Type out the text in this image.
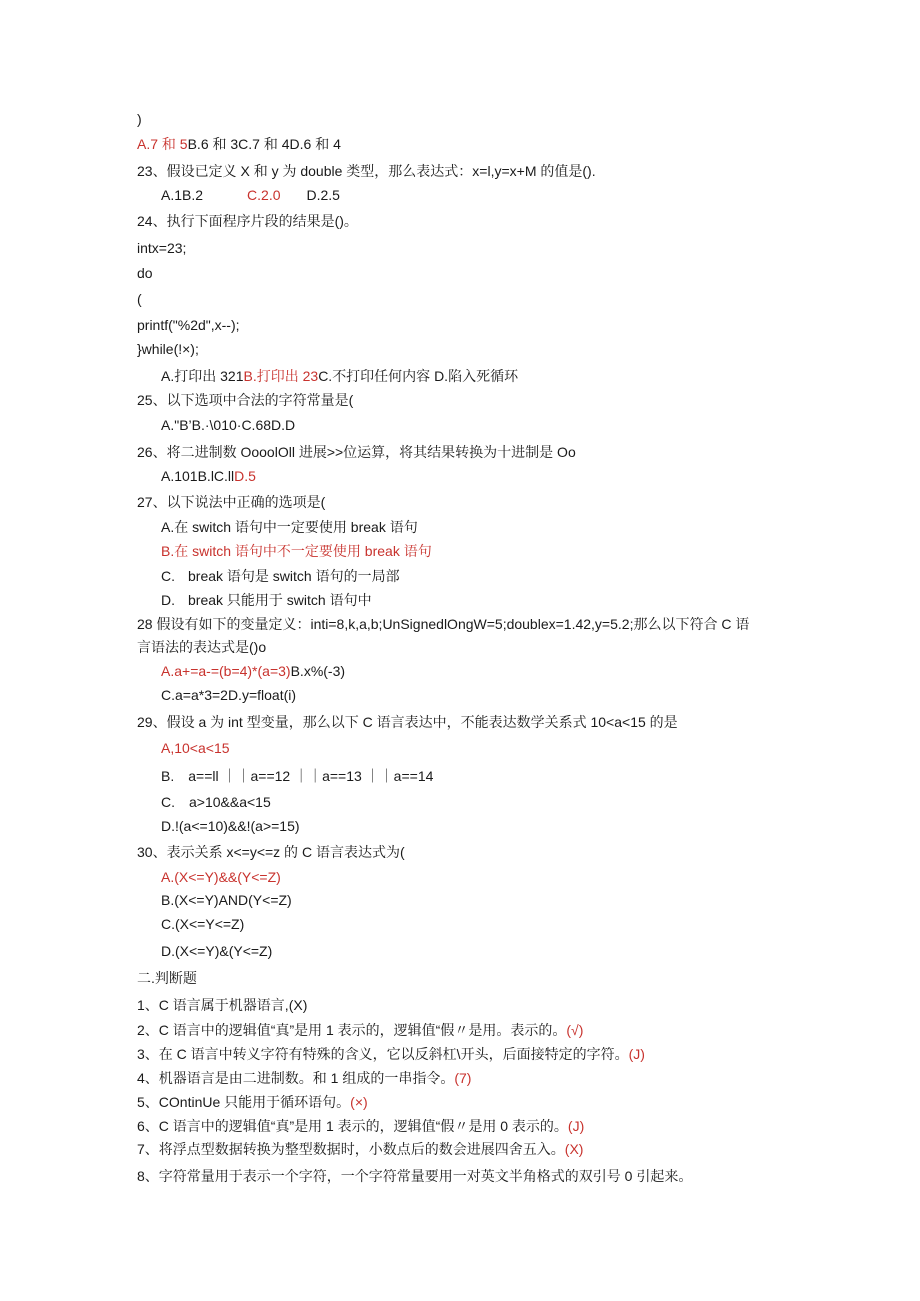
)
A.7 和 5B.6 和 3C.7 和 4D.6 和 4
23、假设已定义 X 和 y 为 double 类型，那么表达式：x=l,y=x+M 的值是().
A.1B.2	C.2.0 D.2.5
24、执行下面程序片段的结果是()。
intx=23;
do
(
printf("%2d",x--);
}while(!×);
A.打印出 321B.打印出 23C.不打印任何内容 D.陷入死循环
25、以下选项中合法的字符常量是(
A."B’B.·\010·C.68D.D
26、将二进制数 OooolOll 进展>>位运算，将其结果转换为十进制是 Oo
A.101B.lC.llD.5
27、以下说法中正确的选项是(
A.在 switch 语句中一定要使用 break 语句
B.在 switch 语句中不一定要使用 break 语句
C. break 语句是 switch 语句的一局部
D. break 只能用于 switch 语句中
28 假设有如下的变量定义：inti=8,k,a,b;UnSignedlOngW=5;doublex=1.42,y=5.2;那么以下符合 C 语
言语法的表达式是()o
A.a+=a-=(b=4)*(a=3)B.x%(-3)
C.a=a*3=2D.y=float(i)
29、假设 a 为 int 型变量，那么以下 C 语言表达中，不能表达数学关系式 10<a<15 的是
A,10<a<15
B. a==ll ｜｜a==12 ｜｜a==13 ｜｜a==14
C. a>10&&a<15
D.!(a<=10)&&!(a>=15)
30、表示关系 x<=y<=z 的 C 语言表达式为(
A.(X<=Y)&&(Y<=Z)
B.(X<=Y)AND(Y<=Z)
C.(X<=Y<=Z)
D.(X<=Y)&(Y<=Z)
二.判断题
1、C 语言属于机器语言,(X)
2、C 语言中的逻辑值“真”是用 1 表示的，逻辑值“假〃是用。表示的。(√)
3、在 C 语言中转义字符有特殊的含义，它以反斜杠\开头，后面接特定的字符。(J)
4、机器语言是由二进制数。和 1 组成的一串指令。(7)
5、COntinUe 只能用于循环语句。(×)
6、C 语言中的逻辑值“真”是用 1 表示的，逻辑值“假〃是用 0 表示的。(J)
7、将浮点型数据转换为整型数据时，小数点后的数会进展四舍五入。(X)
8、字符常量用于表示一个字符，一个字符常量要用一对英文半角格式的双引号 0 引起来。
